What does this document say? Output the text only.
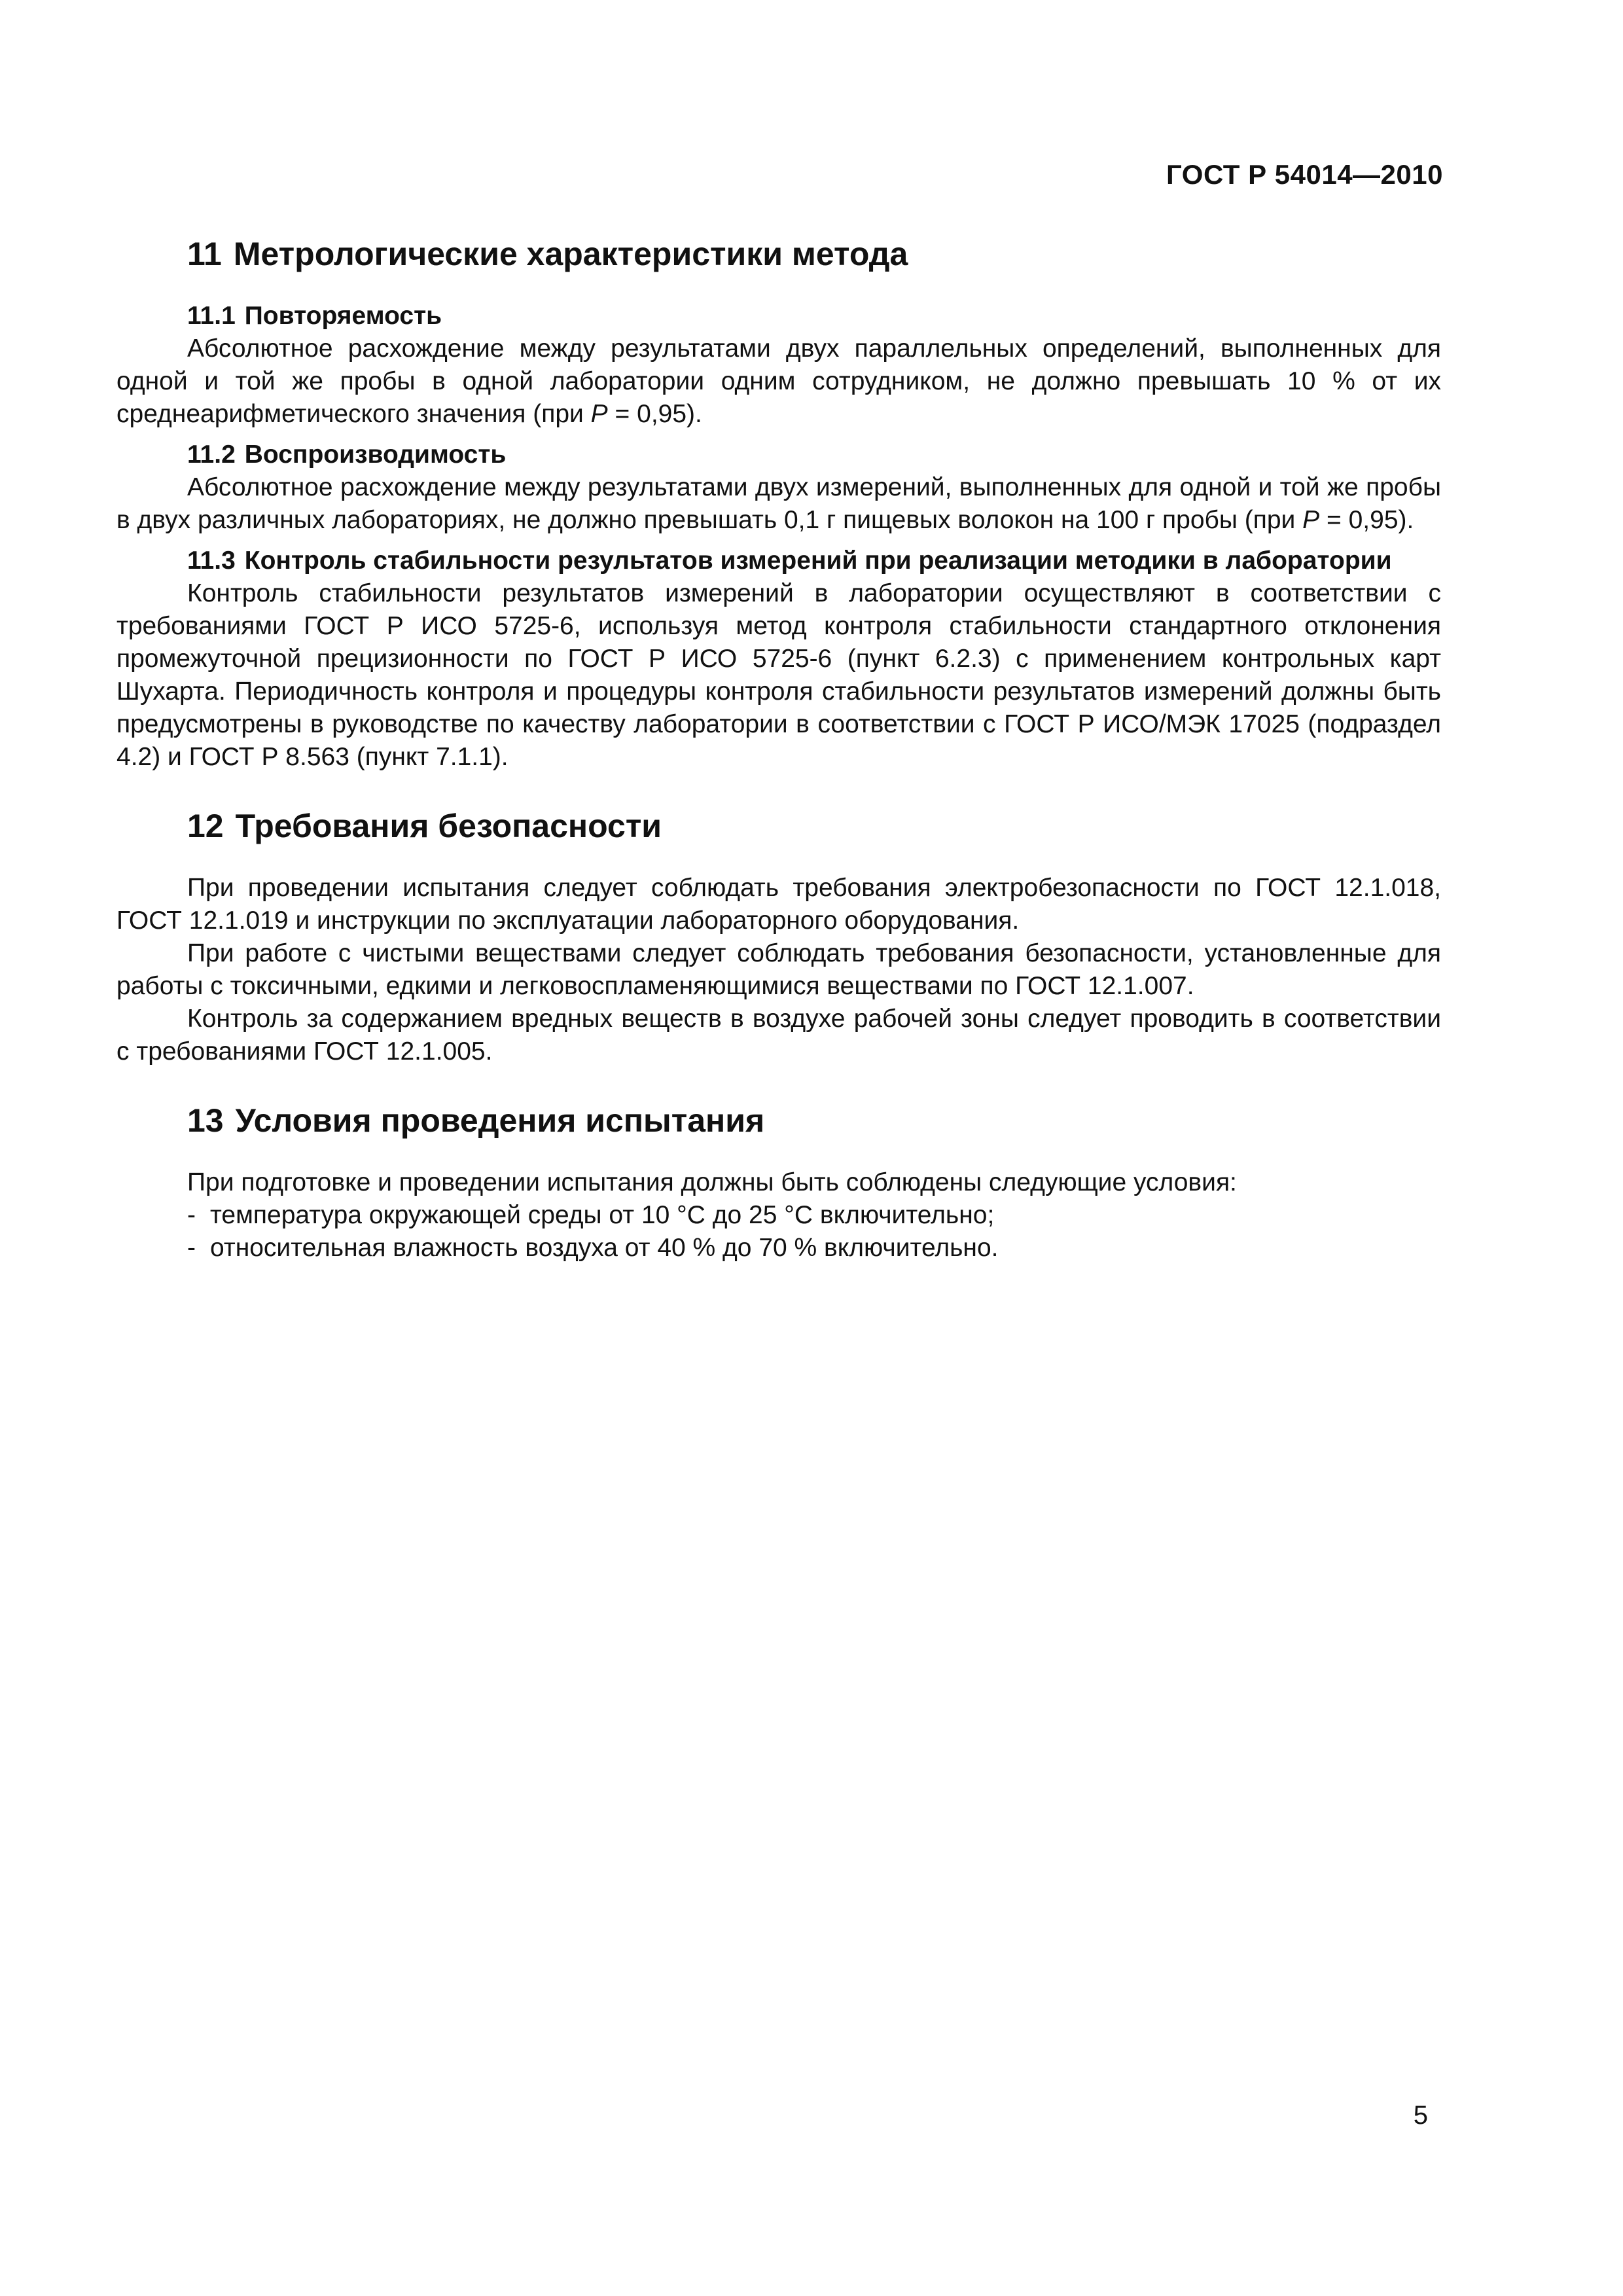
ГОСТ Р 54014—2010
11 Метрологические характеристики метода
11.1 Повторяемость

Абсолютное расхождение между результатами двух параллельных определений, выполненных для одной и той же пробы в одной лаборатории одним сотрудником, не должно превышать 10 % от их среднеарифметического значения (при P = 0,95).

11.2 Воспроизводимость

Абсолютное расхождение между результатами двух измерений, выполненных для одной и той же пробы в двух различных лабораториях, не должно превышать 0,1 г пищевых волокон на 100 г пробы (при P = 0,95).

11.3 Контроль стабильности результатов измерений при реализации методики в лаборатории

Контроль стабильности результатов измерений в лаборатории осуществляют в соответствии с требованиями ГОСТ Р ИСО 5725-6, используя метод контроля стабильности стандартного отклонения промежуточной прецизионности по ГОСТ Р ИСО 5725-6 (пункт 6.2.3) с применением контрольных карт Шухарта. Периодичность контроля и процедуры контроля стабильности результатов измерений должны быть предусмотрены в руководстве по качеству лаборатории в соответствии с ГОСТ Р ИСО/МЭК 17025 (подраздел 4.2) и ГОСТ Р 8.563 (пункт 7.1.1).

12 Требования безопасности

При проведении испытания следует соблюдать требования электробезопасности по ГОСТ 12.1.018, ГОСТ 12.1.019 и инструкции по эксплуатации лабораторного оборудования.

При работе с чистыми веществами следует соблюдать требования безопасности, установленные для работы с токсичными, едкими и легковоспламеняющимися веществами по ГОСТ 12.1.007.

Контроль за содержанием вредных веществ в воздухе рабочей зоны следует проводить в соответствии с требованиями ГОСТ 12.1.005.

13 Условия проведения испытания

При подготовке и проведении испытания должны быть соблюдены следующие условия:

- температура окружающей среды от 10 °С до 25 °С включительно;
- относительная влажность воздуха от 40 % до 70 % включительно.
5
